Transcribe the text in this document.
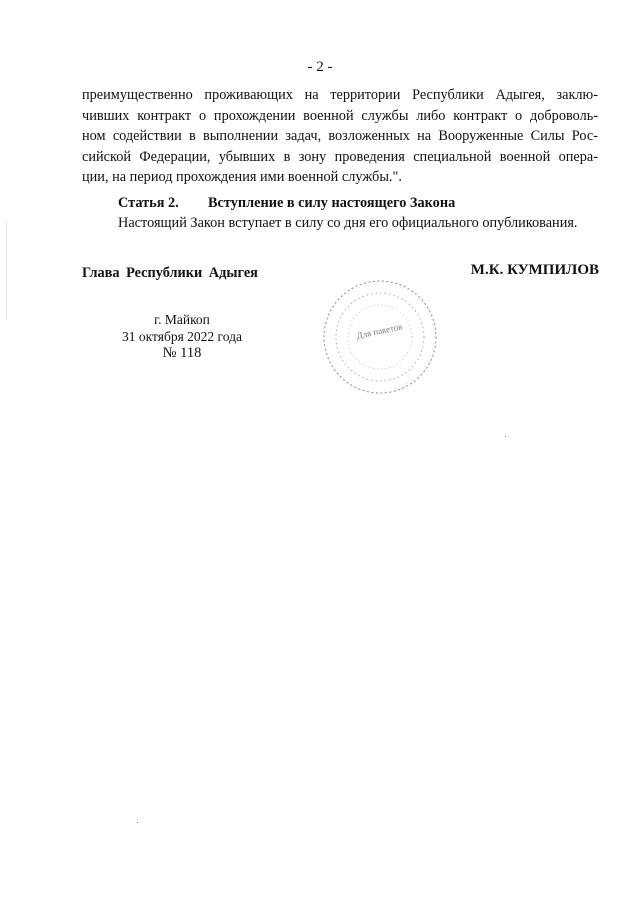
- 2 -
преимущественно проживающих на территории Республики Адыгея, заклю-
чивших контракт о прохождении военной службы либо контракт о доброволь-
ном содействии в выполнении задач, возложенных на Вооруженные Силы Рос-
сийской Федерации, убывших в зону проведения специальной военной опера-
ции, на период прохождения ими военной службы.".
Статья 2. Вступление в силу настоящего Закона
Настоящий Закон вступает в силу со дня его официального опубликования.
Глава Республики Адыгея	М.К. КУМПИЛОВ
г. Майкоп
31 октября 2022 года
№ 118
· · · · · · · · · · · · · · · · · · · · · · · · · · · · · · · · · · · · · · ·
Для пакетов
